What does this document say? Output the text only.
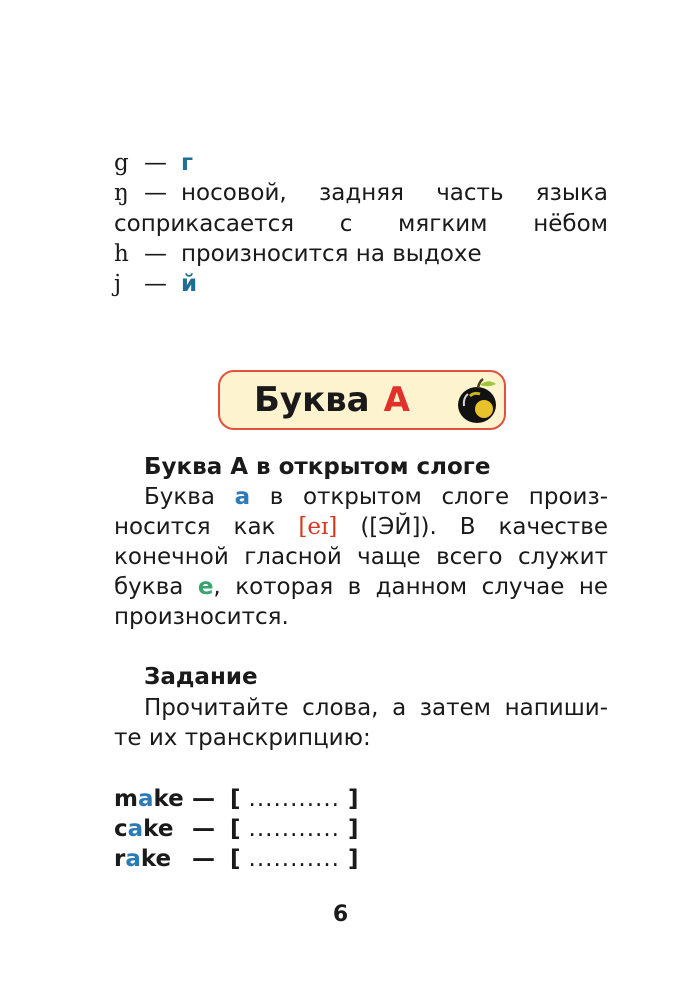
g — г
ŋ — носовой, задняя часть языка
соприкасается с мягким нёбом
h — произносится на выдохе
j — й
Буква А
Буква А в открытом слоге
Буква а в открытом слоге произ-
носится как [eɪ] ([ЭЙ]). В качестве
конечной гласной чаще всего служит
буква е, которая в данном случае не
произносится.
Задание
Прочитайте слова, а затем напиши-
те их транскрипцию:
make — [ ........... ]
cake — [ ........... ]
rake — [ ........... ]
6
